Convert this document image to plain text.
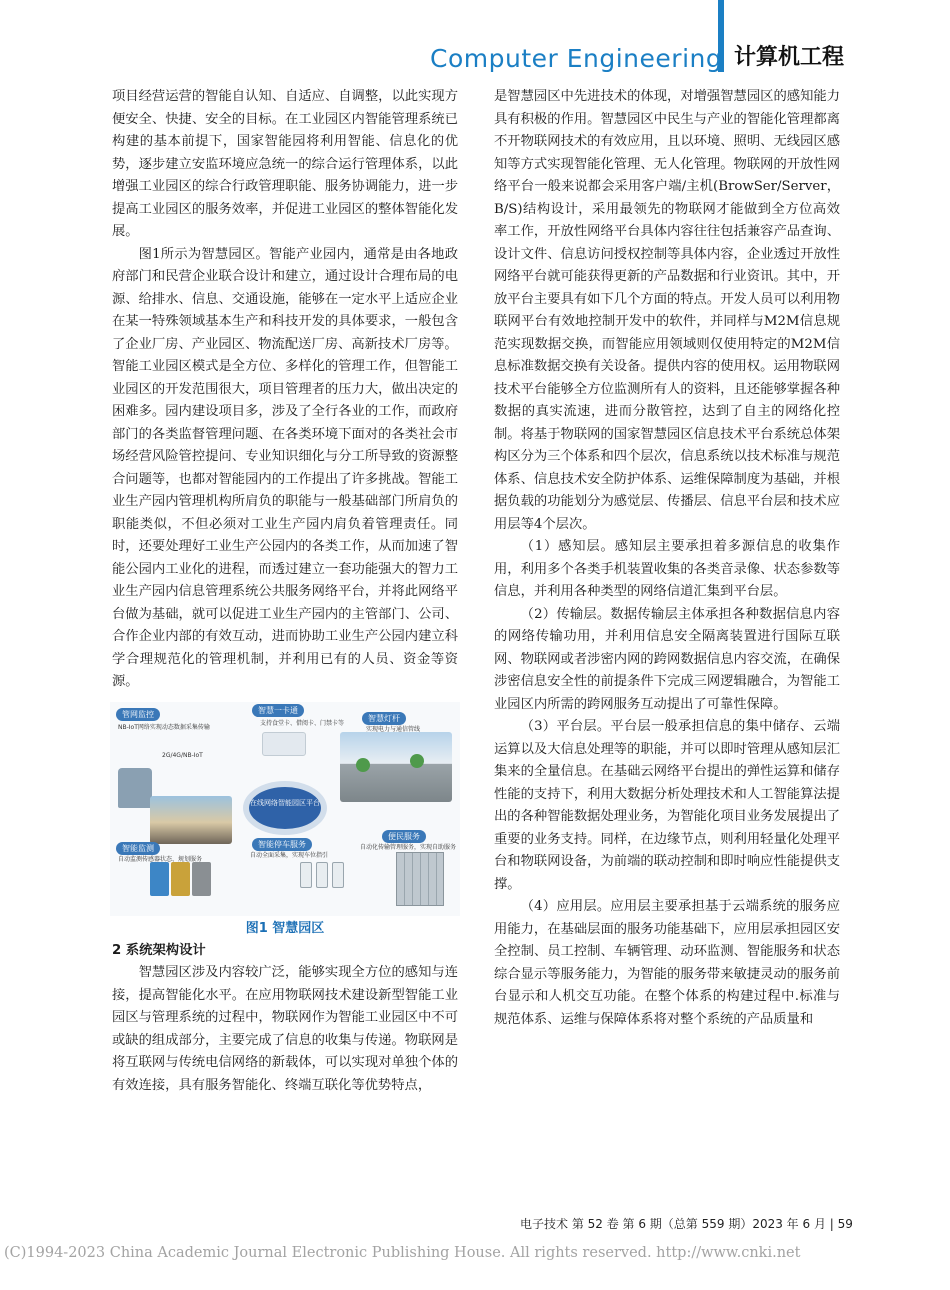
Computer Engineering 计算机工程

项目经营运营的智能自认知、自适应、自调整，以此实现方便安全、快捷、安全的目标。在工业园区内智能管理系统已构建的基本前提下，国家智能园将利用智能、信息化的优势，逐步建立安监环境应急统一的综合运行管理体系，以此增强工业园区的综合行政管理职能、服务协调能力，进一步提高工业园区的服务效率，并促进工业园区的整体智能化发展。

图1所示为智慧园区。智能产业园内，通常是由各地政府部门和民营企业联合设计和建立，通过设计合理布局的电源、给排水、信息、交通设施，能够在一定水平上适应企业在某一特殊领域基本生产和科技开发的具体要求，一般包含了企业厂房、产业园区、物流配送厂房、高新技术厂房等。

智能工业园区模式是全方位、多样化的管理工作，但智能工业园区的开发范围很大，项目管理者的压力大，做出决定的困难多。园内建设项目多，涉及了全行各业的工作，而政府部门的各类监督管理问题、在各类环境下面对的各类社会市场经营风险管控提问、专业知识细化与分工所导致的资源整合问题等，也都对智能园内的工作提出了许多挑战。智能工业生产园内管理机构所肩负的职能与一般基础部门所肩负的职能类似，不但必须对工业生产园内肩负着管理责任。同时，还要处理好工业生产公园内的各类工作，从而加速了智能公园内工业化的进程，而透过建立一套功能强大的智力工业生产园内信息管理系统公共服务网络平台，并将此网络平台做为基础，就可以促进工业生产园内的主管部门、公司、合作企业内部的有效互动，进而协助工业生产公园内建立科学合理规范化的管理机制，并利用已有的人员、资金等资源。

在线网络智能园区平台
管网监控	智慧一卡通
智慧灯杆
智能停车服务
便民服务
智能监测
NB-IoT网络实现动态数据采集传输
支持食堂卡、借阅卡、门禁卡等
实现电力与通信管线
2G/4G/NB-IoT
自动全面采集，实现车位指引
自动化传输管理服务，实现自助服务
自动监测传感器状态、规划服务
图1 智慧园区
2 系统架构设计

智慧园区涉及内容较广泛，能够实现全方位的感知与连接，提高智能化水平。在应用物联网技术建设新型智能工业园区与管理系统的过程中，物联网作为智能工业园区中不可或缺的组成部分，主要完成了信息的收集与传递。物联网是将互联网与传统电信网络的新载体，可以实现对单独个体的有效连接，具有服务智能化、终端互联化等优势特点，

是智慧园区中先进技术的体现，对增强智慧园区的感知能力具有积极的作用。智慧园区中民生与产业的智能化管理都离不开物联网技术的有效应用，且以环境、照明、无线园区感知等方式实现智能化管理、无人化管理。物联网的开放性网络平台一般来说都会采用客户端/主机(BrowSer/Server，B/S)结构设计，采用最领先的物联网才能做到全方位高效率工作，开放性网络平台具体内容往往包括兼容产品查询、设计文件、信息访问授权控制等具体内容，企业透过开放性网络平台就可能获得更新的产品数据和行业资讯。其中，开放平台主要具有如下几个方面的特点。开发人员可以利用物联网平台有效地控制开发中的软件，并同样与M2M信息规范实现数据交换，而智能应用领域则仅使用特定的M2M信息标准数据交换有关设备。提供内容的使用权。运用物联网技术平台能够全方位监测所有人的资料，且还能够掌握各种数据的真实流速，进而分散管控，达到了自主的网络化控制。将基于物联网的国家智慧园区信息技术平台系统总体架构区分为三个体系和四个层次，信息系统以技术标准与规范体系、信息技术安全防护体系、运维保障制度为基础，并根据负载的功能划分为感觉层、传播层、信息平台层和技术应用层等4个层次。

（1）感知层。感知层主要承担着多源信息的收集作用，利用多个各类手机装置收集的各类音录像、状态参数等信息，并利用各种类型的网络信道汇集到平台层。

（2）传输层。数据传输层主体承担各种数据信息内容的网络传输功用，并利用信息安全隔离装置进行国际互联网、物联网或者涉密内网的跨网数据信息内容交流，在确保涉密信息安全性的前提条件下完成三网逻辑融合，为智能工业园区内所需的跨网服务互动提出了可靠性保障。

（3）平台层。平台层一般承担信息的集中储存、云端运算以及大信息处理等的职能，并可以即时管理从感知层汇集来的全量信息。在基础云网络平台提出的弹性运算和储存性能的支持下，利用大数据分析处理技术和人工智能算法提出的各种智能数据处理业务，为智能化项目业务发展提出了重要的业务支持。同样，在边缘节点，则利用轻量化处理平台和物联网设备，为前端的联动控制和即时响应性能提供支撑。

（4）应用层。应用层主要承担基于云端系统的服务应用能力，在基础层面的服务功能基础下，应用层承担园区安全控制、员工控制、车辆管理、动环监测、智能服务和状态综合显示等服务能力，为智能的服务带来敏捷灵动的服务前台显示和人机交互功能。在整个体系的构建过程中.标准与规范体系、运维与保障体系将对整个系统的产品质量和

电子技术 第 52 卷 第 6 期（总第 559 期）2023 年 6 月 | 59
(C)1994-2023 China Academic Journal Electronic Publishing House. All rights reserved. http://www.cnki.net
